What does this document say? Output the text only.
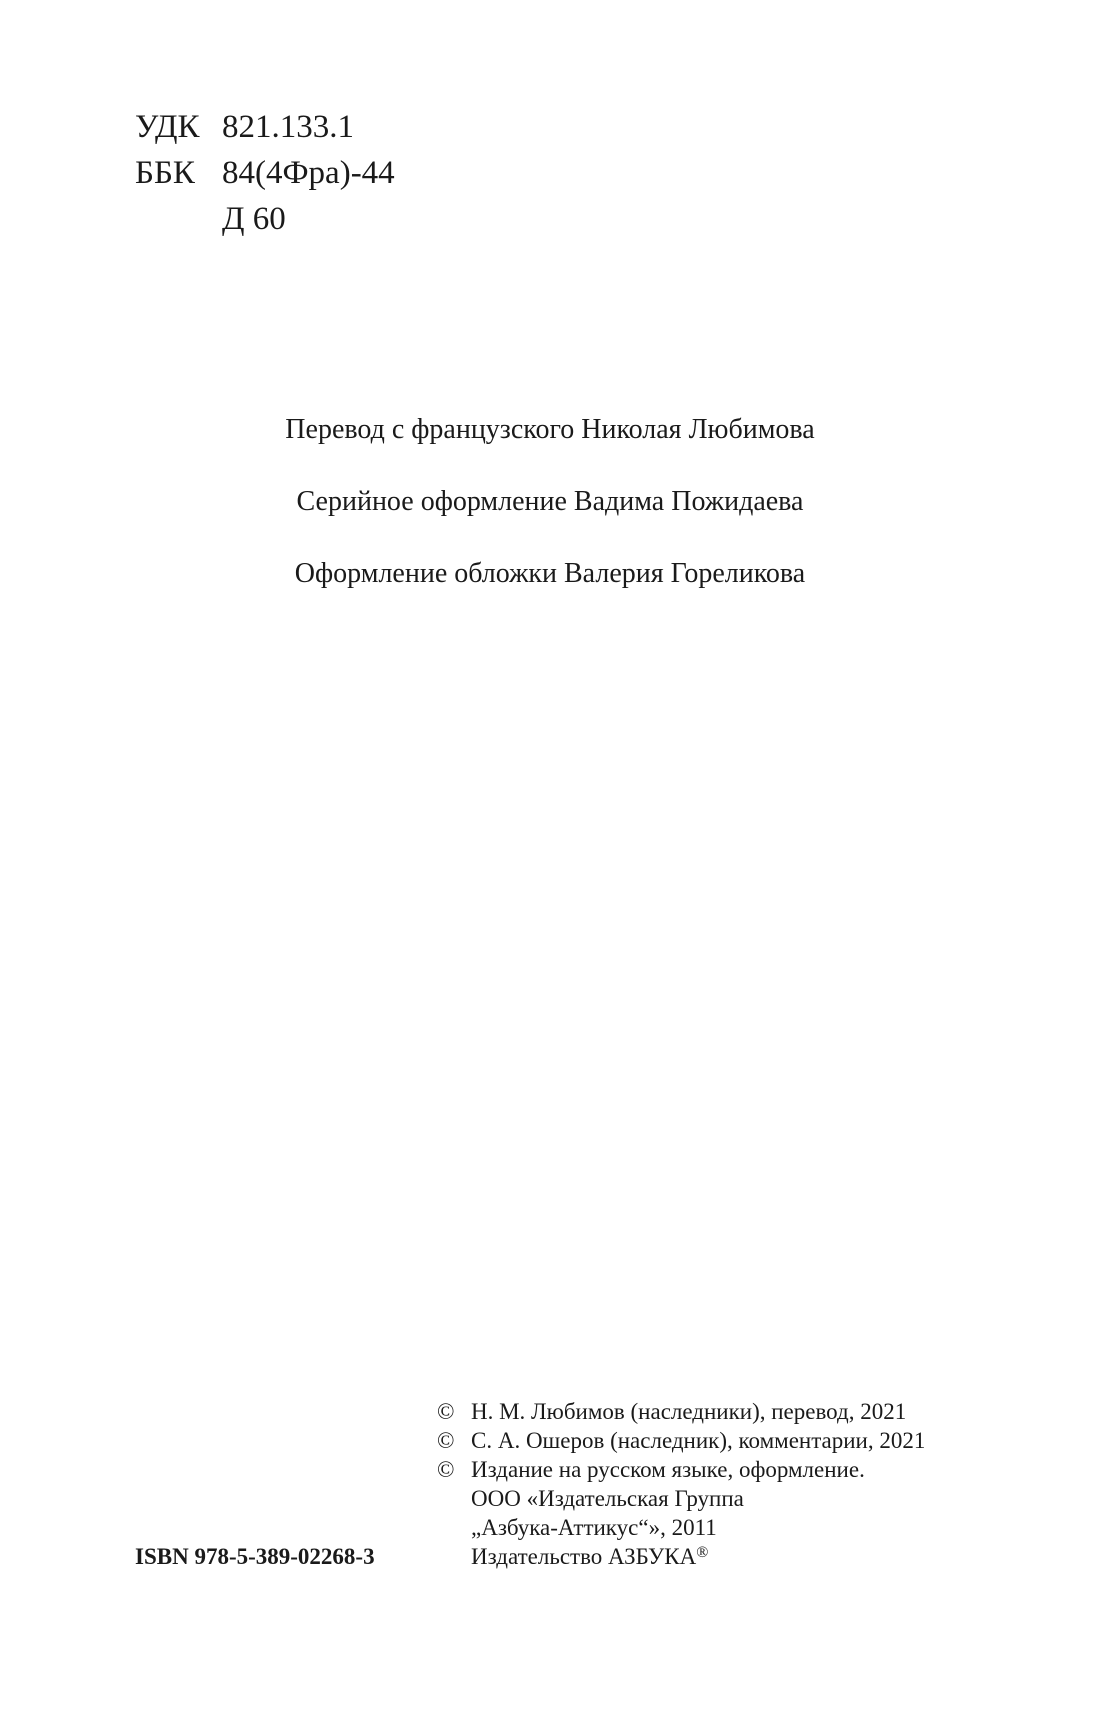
УДК 821.133.1
ББК 84(4Фра)-44
Д 60
Перевод с французского Николая Любимова
Серийное оформление Вадима Пожидаева
Оформление обложки Валерия Гореликова
© Н. М. Любимов (наследники), перевод, 2021
© С. А. Ошеров (наследник), комментарии, 2021
© Издание на русском языке, оформление.
ООО «Издательская Группа
„Азбука-Аттикус“», 2011
Издательство АЗБУКА®
ISBN 978-5-389-02268-3
